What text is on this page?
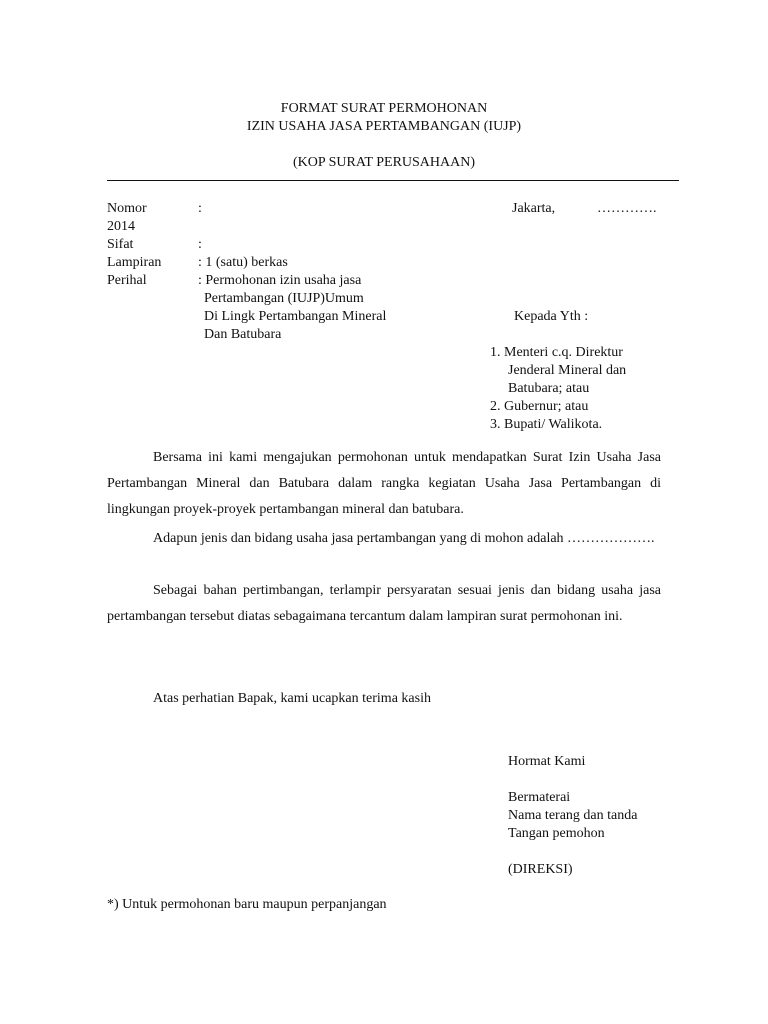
FORMAT SURAT PERMOHONAN
IZIN USAHA JASA PERTAMBANGAN (IUJP)
(KOP SURAT PERUSAHAAN)
Nomor	:	Jakarta,	………….
2014
Sifat	:
Lampiran	: 1 (satu) berkas
Perihal	: Permohonan izin usaha jasa
Pertambangan (IUJP)Umum
Di Lingk Pertambangan Mineral
Dan Batubara
Kepada Yth :
1. Menteri c.q. Direktur
Jenderal Mineral dan
Batubara; atau
2. Gubernur; atau
3. Bupati/ Walikota.
Bersama ini kami mengajukan permohonan untuk mendapatkan Surat Izin Usaha Jasa Pertambangan Mineral dan Batubara dalam rangka kegiatan Usaha Jasa Pertambangan di lingkungan proyek-proyek pertambangan mineral dan batubara.
Adapun jenis dan bidang usaha jasa pertambangan yang di mohon adalah ……………….
Sebagai bahan pertimbangan, terlampir persyaratan sesuai jenis dan bidang usaha jasa pertambangan tersebut diatas sebagaimana tercantum dalam lampiran surat permohonan ini.
Atas perhatian Bapak, kami ucapkan terima kasih
Hormat Kami
Bermaterai
Nama terang dan tanda
Tangan pemohon
(DIREKSI)
*) Untuk permohonan baru maupun perpanjangan
